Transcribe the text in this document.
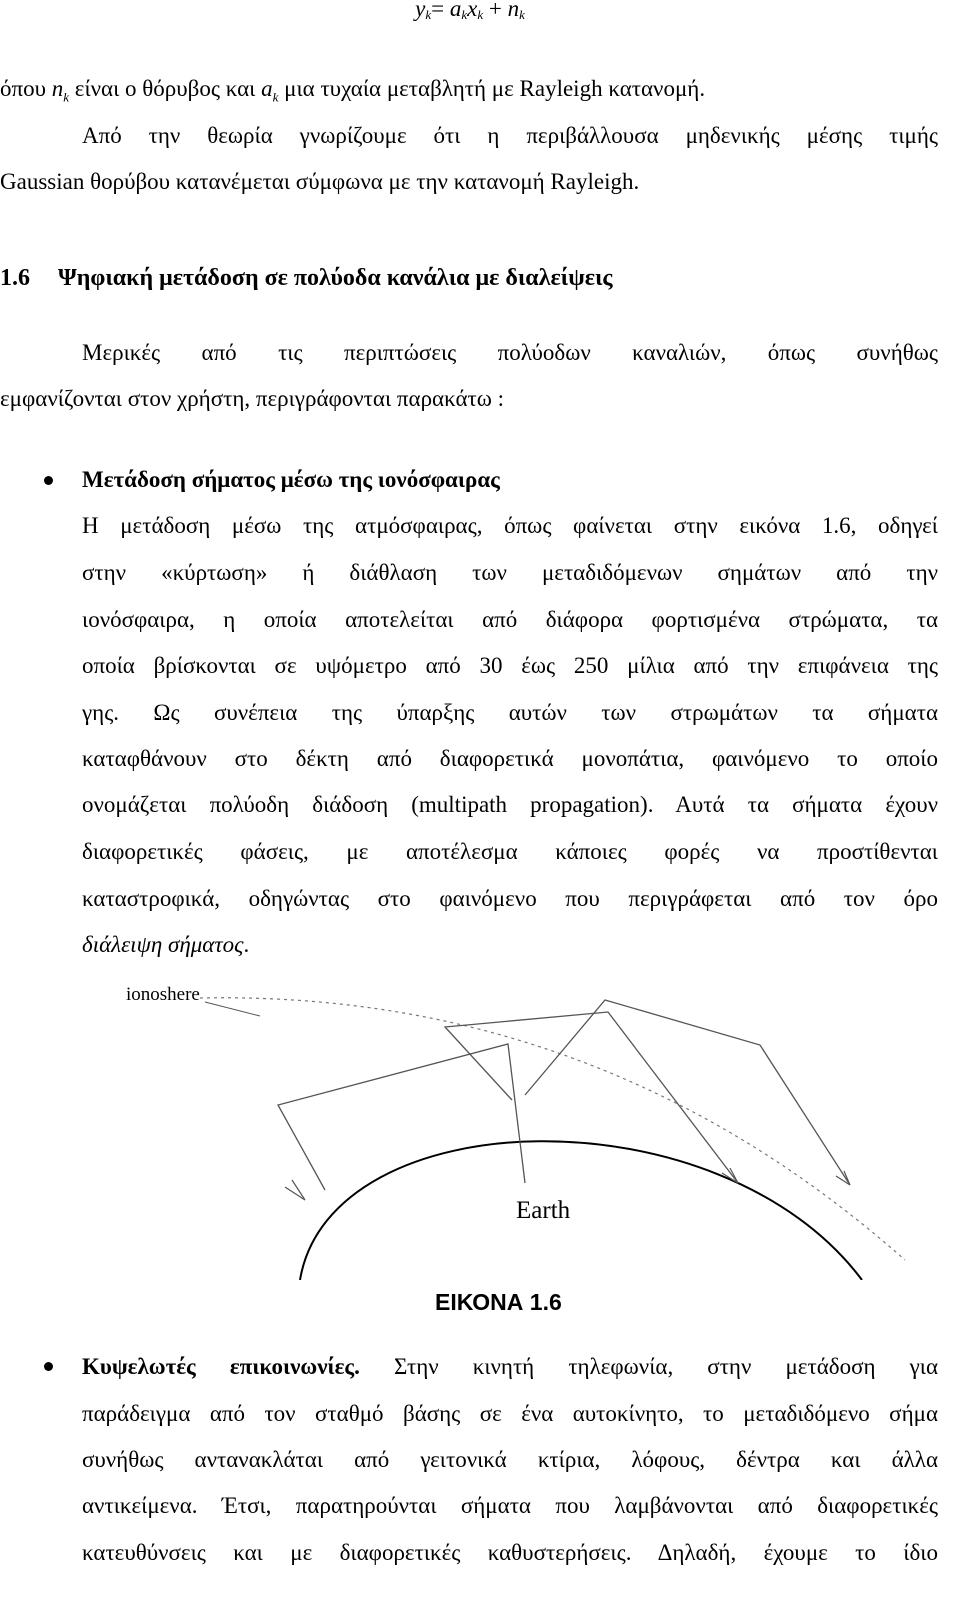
$y_k= a_kx_k + n_k$
όπου $n_k$ είναι ο θόρυβος και $a_k$ μια τυχαία μεταβλητή με Rayleigh κατανομή.
Από την θεωρία γνωρίζουμε ότι η περιβάλλουσα μηδενικής μέσης τιμής
Gaussian θορύβου κατανέμεται σύμφωνα με την κατανομή Rayleigh.
1.6 Ψηφιακή μετάδοση σε πολύοδα κανάλια με διαλείψεις
Μερικές από τις περιπτώσεις πολύοδων καναλιών, όπως συνήθως
εμφανίζονται στον χρήστη, περιγράφονται παρακάτω :
Μετάδοση σήματος μέσω της ιονόσφαιρας
Η μετάδοση μέσω της ατμόσφαιρας, όπως φαίνεται στην εικόνα 1.6, οδηγεί
στην «κύρτωση» ή διάθλαση των μεταδιδόμενων σημάτων από την
ιονόσφαιρα, η οποία αποτελείται από διάφορα φορτισμένα στρώματα, τα
οποία βρίσκονται σε υψόμετρο από 30 έως 250 μίλια από την επιφάνεια της
γης. Ως συνέπεια της ύπαρξης αυτών των στρωμάτων τα σήματα
καταφθάνουν στο δέκτη από διαφορετικά μονοπάτια, φαινόμενο το οποίο
ονομάζεται πολύοδη διάδοση (multipath propagation). Αυτά τα σήματα έχουν
διαφορετικές φάσεις, με αποτέλεσμα κάποιες φορές να προστίθενται
καταστροφικά, οδηγώντας στο φαινόμενο που περιγράφεται από τον όρο
διάλειψη σήματος.
ionoshere
Earth
ΕΙΚΟΝΑ 1.6
Κυψελωτές επικοινωνίες. Στην κινητή τηλεφωνία, στην μετάδοση για
παράδειγμα από τον σταθμό βάσης σε ένα αυτοκίνητο, το μεταδιδόμενο σήμα
συνήθως αντανακλάται από γειτονικά κτίρια, λόφους, δέντρα και άλλα
αντικείμενα. Έτσι, παρατηρούνται σήματα που λαμβάνονται από διαφορετικές
κατευθύνσεις και με διαφορετικές καθυστερήσεις. Δηλαδή, έχουμε το ίδιο
